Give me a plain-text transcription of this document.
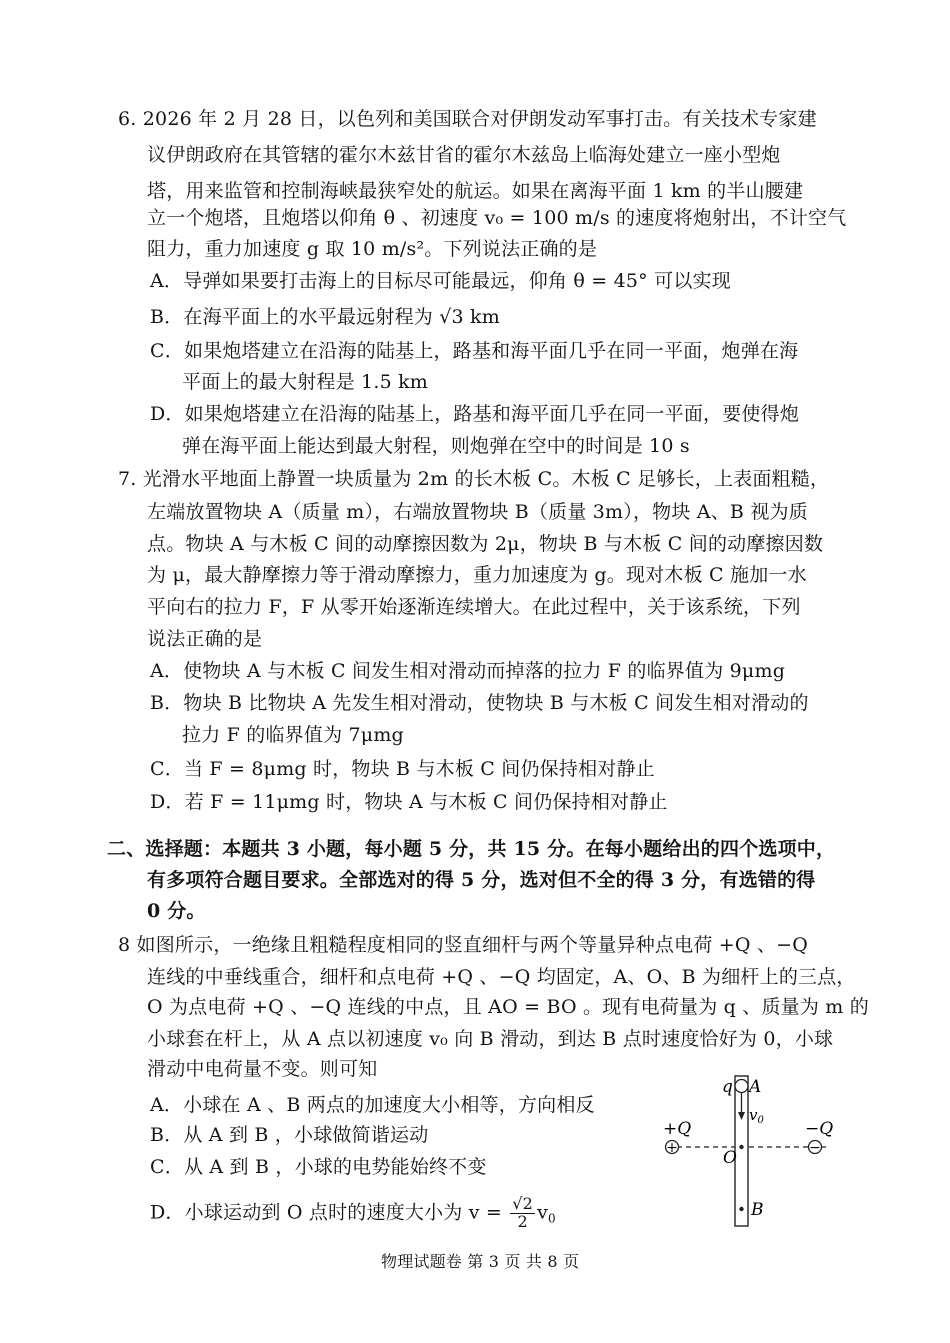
6. 2026 年 2 月 28 日，以色列和美国联合对伊朗发动军事打击。有关技术专家建
议伊朗政府在其管辖的霍尔木兹甘省的霍尔木兹岛上临海处建立一座小型炮
塔，用来监管和控制海峡最狭窄处的航运。如果在离海平面 1 km 的半山腰建
立一个炮塔，且炮塔以仰角 θ 、初速度 v₀ = 100 m/s 的速度将炮射出，不计空气
阻力，重力加速度 g 取 10 m/s²。下列说法正确的是
A．导弹如果要打击海上的目标尽可能最远，仰角 θ = 45° 可以实现
B．在海平面上的水平最远射程为 √3 km
C．如果炮塔建立在沿海的陆基上，路基和海平面几乎在同一平面，炮弹在海
平面上的最大射程是 1.5 km
D．如果炮塔建立在沿海的陆基上，路基和海平面几乎在同一平面，要使得炮
弹在海平面上能达到最大射程，则炮弹在空中的时间是 10 s
7. 光滑水平地面上静置一块质量为 2m 的长木板 C。木板 C 足够长，上表面粗糙，
左端放置物块 A（质量 m），右端放置物块 B（质量 3m），物块 A、B 视为质
点。物块 A 与木板 C 间的动摩擦因数为 2μ，物块 B 与木板 C 间的动摩擦因数
为 μ，最大静摩擦力等于滑动摩擦力，重力加速度为 g。现对木板 C 施加一水
平向右的拉力 F，F 从零开始逐渐连续增大。在此过程中，关于该系统，下列
说法正确的是
A．使物块 A 与木板 C 间发生相对滑动而掉落的拉力 F 的临界值为 9μmg
B．物块 B 比物块 A 先发生相对滑动，使物块 B 与木板 C 间发生相对滑动的
拉力 F 的临界值为 7μmg
C．当 F = 8μmg 时，物块 B 与木板 C 间仍保持相对静止
D．若 F = 11μmg 时，物块 A 与木板 C 间仍保持相对静止
二、选择题：本题共 3 小题，每小题 5 分，共 15 分。在每小题给出的四个选项中，
有多项符合题目要求。全部选对的得 5 分，选对但不全的得 3 分，有选错的得
0 分。
8 如图所示，一绝缘且粗糙程度相同的竖直细杆与两个等量异种点电荷 +Q 、−Q
连线的中垂线重合，细杆和点电荷 +Q 、−Q 均固定，A、O、B 为细杆上的三点，
O 为点电荷 +Q 、−Q 连线的中点，且 AO = BO 。现有电荷量为 q 、质量为 m 的
小球套在杆上，从 A 点以初速度 v₀ 向 B 滑动，到达 B 点时速度恰好为 0，小球
滑动中电荷量不变。则可知
A．小球在 A 、B 两点的加速度大小相等，方向相反
B．从 A 到 B ，小球做简谐运动
C．从 A 到 B ，小球的电势能始终不变
D．小球运动到 O 点时的速度大小为 $v = \frac{√2}{2} v_0$
+	−
q A
$v_0$
+Q	−Q
O
B
物理试题卷 第 3 页 共 8 页
